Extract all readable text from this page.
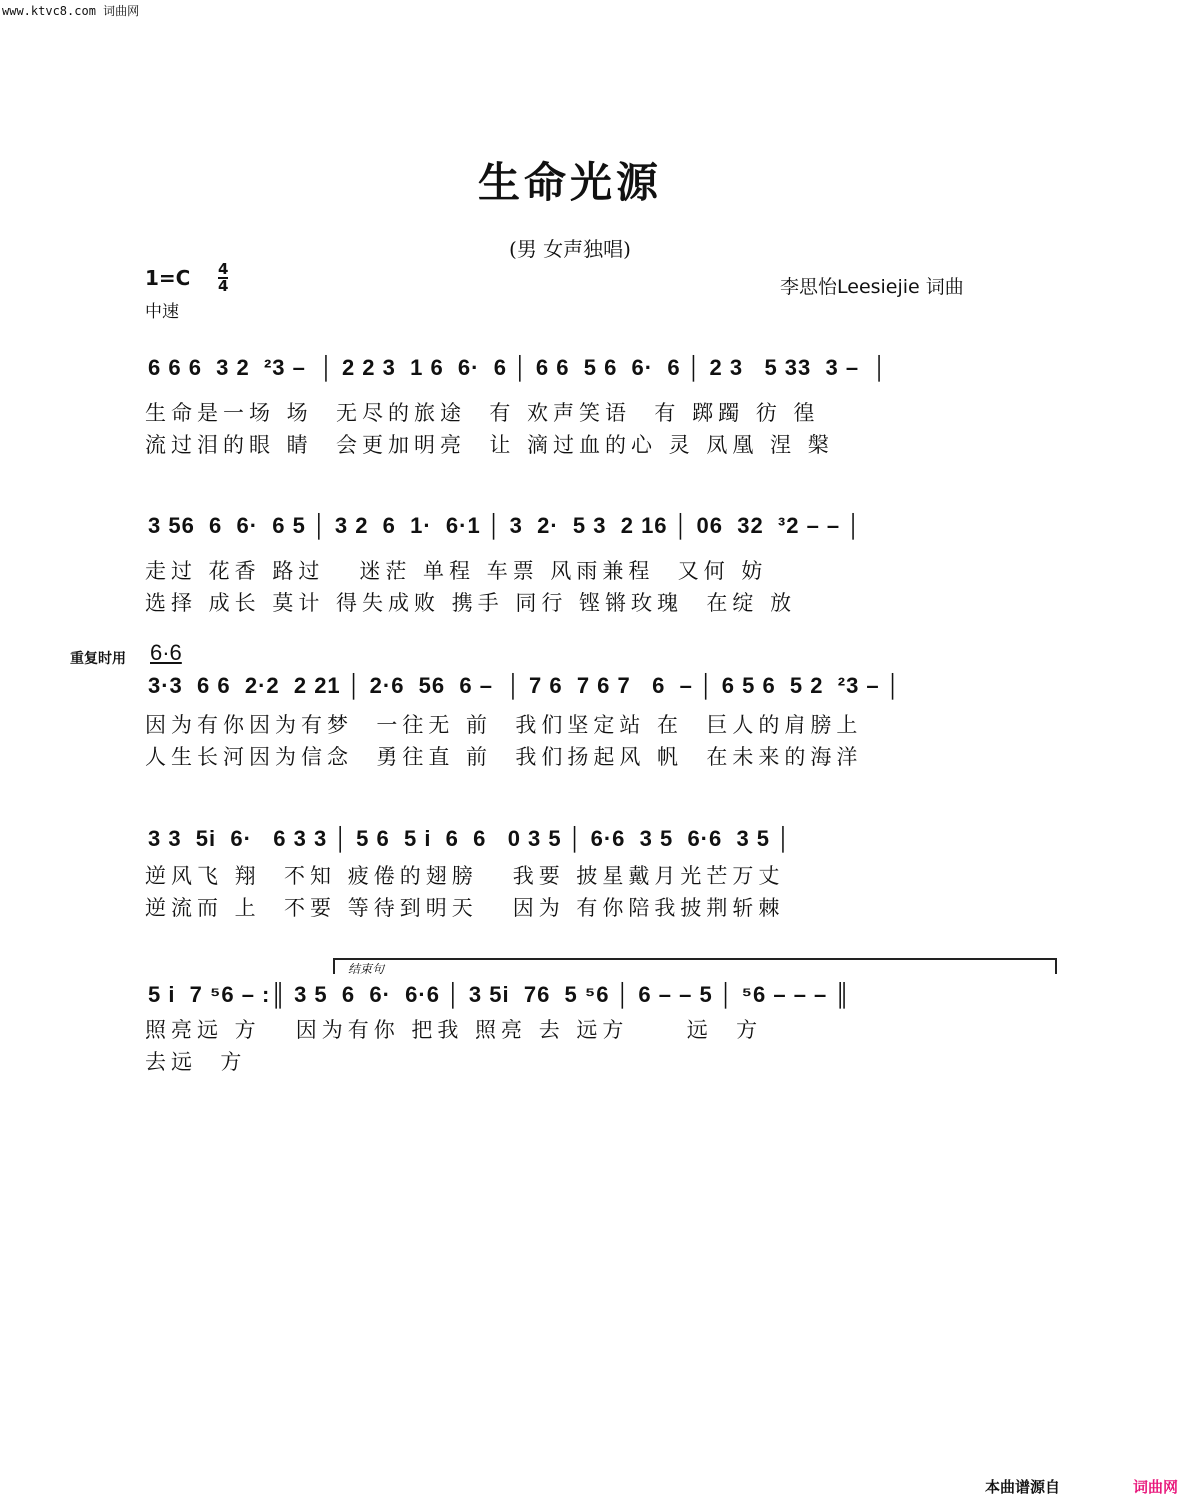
www.ktvc8.com 词曲网
生命光源
(男 女声独唱)
1=C 4
4
中速
李思怡Leesiejie 词曲
6 6 6  3 2  ²3 –  │ 2 2 3  1 6  6·  6 │ 6 6  5 6  6·  6 │ 2 3   5 33  3 –  │
生命是一场 场  无尽的旅途  有 欢声笑语  有 踯躅 彷 徨
流过泪的眼 睛  会更加明亮  让 滴过血的心 灵 凤凰 涅 槃
3 56  6  6·  6 5 │ 3 2  6  1·  6·1 │ 3  2·  5 3  2 16 │ 06  32  ³2 – – │
走过 花香 路过   迷茫 单程 车票 风雨兼程  又何 妨
选择 成长 莫计 得失成败 携手 同行 铿锵玫瑰  在绽 放
重复时用 6·6
3·3  6 6  2·2  2 21 │ 2·6  56  6 –  │ 7 6  7 6 7   6  – │ 6 5 6  5 2  ²3 – │
因为有你因为有梦  一往无 前  我们坚定站 在  巨人的肩膀上
人生长河因为信念  勇往直 前  我们扬起风 帆  在未来的海洋
3 3  5i  6·   6 3 3 │ 5 6  5 i  6  6   0 3 5 │ 6·6  3 5  6·6  3 5 │
逆风飞 翔  不知 疲倦的翅膀   我要 披星戴月光芒万丈
逆流而 上  不要 等待到明天   因为 有你陪我披荆斩棘
结束句
5 i  7 ⁵6 – :║ 3 5  6  6·  6·6 │ 3 5i  76  5 ⁵6 │ 6 – – 5 │ ⁵6 – – – ║
照亮远 方   因为有你 把我 照亮 去 远方     远  方
去远  方
本曲谱源自	词曲网
